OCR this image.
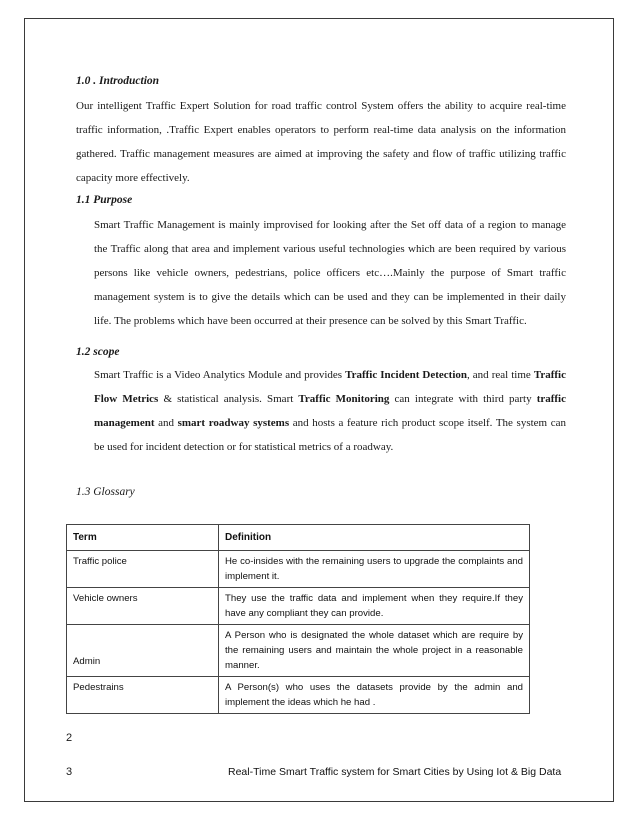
1.0 . Introduction

Our intelligent Traffic Expert Solution for road traffic control System offers the ability to acquire real-time traffic information, .Traffic Expert enables operators to perform real-time data analysis on the information gathered. Traffic management measures are aimed at improving the safety and flow of traffic utilizing traffic capacity more effectively.

1.1 Purpose

Smart Traffic Management is mainly improvised for looking after the Set off data of a region to manage the Traffic along that area and implement various useful technologies which are been required by various persons like vehicle owners, pedestrians, police officers etc….Mainly the purpose of Smart traffic management system is to give the details which can be used and they can be implemented in their daily life. The problems which have been occurred at their presence can be solved by this Smart Traffic.

1.2 scope

Smart Traffic is a Video Analytics Module and provides Traffic Incident Detection, and real time Traffic Flow Metrics & statistical analysis. Smart Traffic Monitoring can integrate with third party traffic management and smart roadway systems and hosts a feature rich product scope itself. The system can be used for incident detection or for statistical metrics of a roadway.

1.3 Glossary
Term	Definition
Traffic police	He co-insides with the remaining users to upgrade the complaints and implement it.
Vehicle owners	They use the traffic data and implement when they require.If they have any compliant they can provide.
Admin	A Person who is designated the whole dataset which are require by the remaining users and maintain the whole project in a reasonable manner.
Pedestrains	A Person(s) who uses the datasets provide by the admin and implement the ideas which he had .
2
3	Real-Time Smart Traffic system for Smart Cities by Using Iot & Big Data
